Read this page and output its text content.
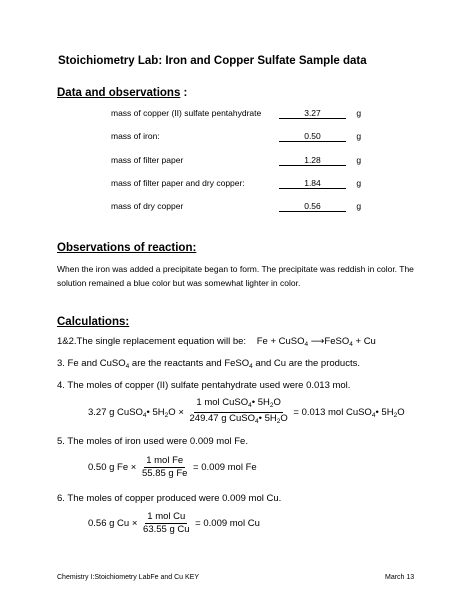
Stoichiometry Lab: Iron and Copper Sulfate Sample data
Data and observations :
mass of copper (II) sulfate pentahydrate	3.27	g
mass of iron:	0.50	g
mass of filter paper	1.28	g
mass of filter paper and dry copper:	1.84	g
mass of dry copper	0.56	g
Observations of reaction:
When the iron was added a precipitate began to form. The precipitate was reddish in color. The solution remained a blue color but was somewhat lighter in color.
Calculations:
1&2.The single replacement equation will be: Fe + CuSO$_4$ ⟶FeSO$_4$ + Cu
3. Fe and CuSO$_4$ are the reactants and FeSO$_4$ and Cu are the products.
4. The moles of copper (II) sulfate pentahydrate used were 0.013 mol.
3.27 g CuSO$_4$• $5H_2O \times \frac{1 mol CuSO_4• 5H_2O}{249.47 g CuSO_4• 5H_2O} = 0.013$ mol CuSO$_4$• $5H_2O$
5. The moles of iron used were 0.009 mol Fe.
0.50 g $Fe \times \frac{\text{1 mol Fe}}{\text{55.85 g Fe}} = 0.009$ mol Fe
6. The moles of copper produced were 0.009 mol Cu.
0.56 g $Cu \times \frac{\text{1 mol Cu}}{\text{63.55 g Cu}} = 0.009$ mol Cu
Chemistry I:Stoichiometry LabFe and Cu KEY	March 13
